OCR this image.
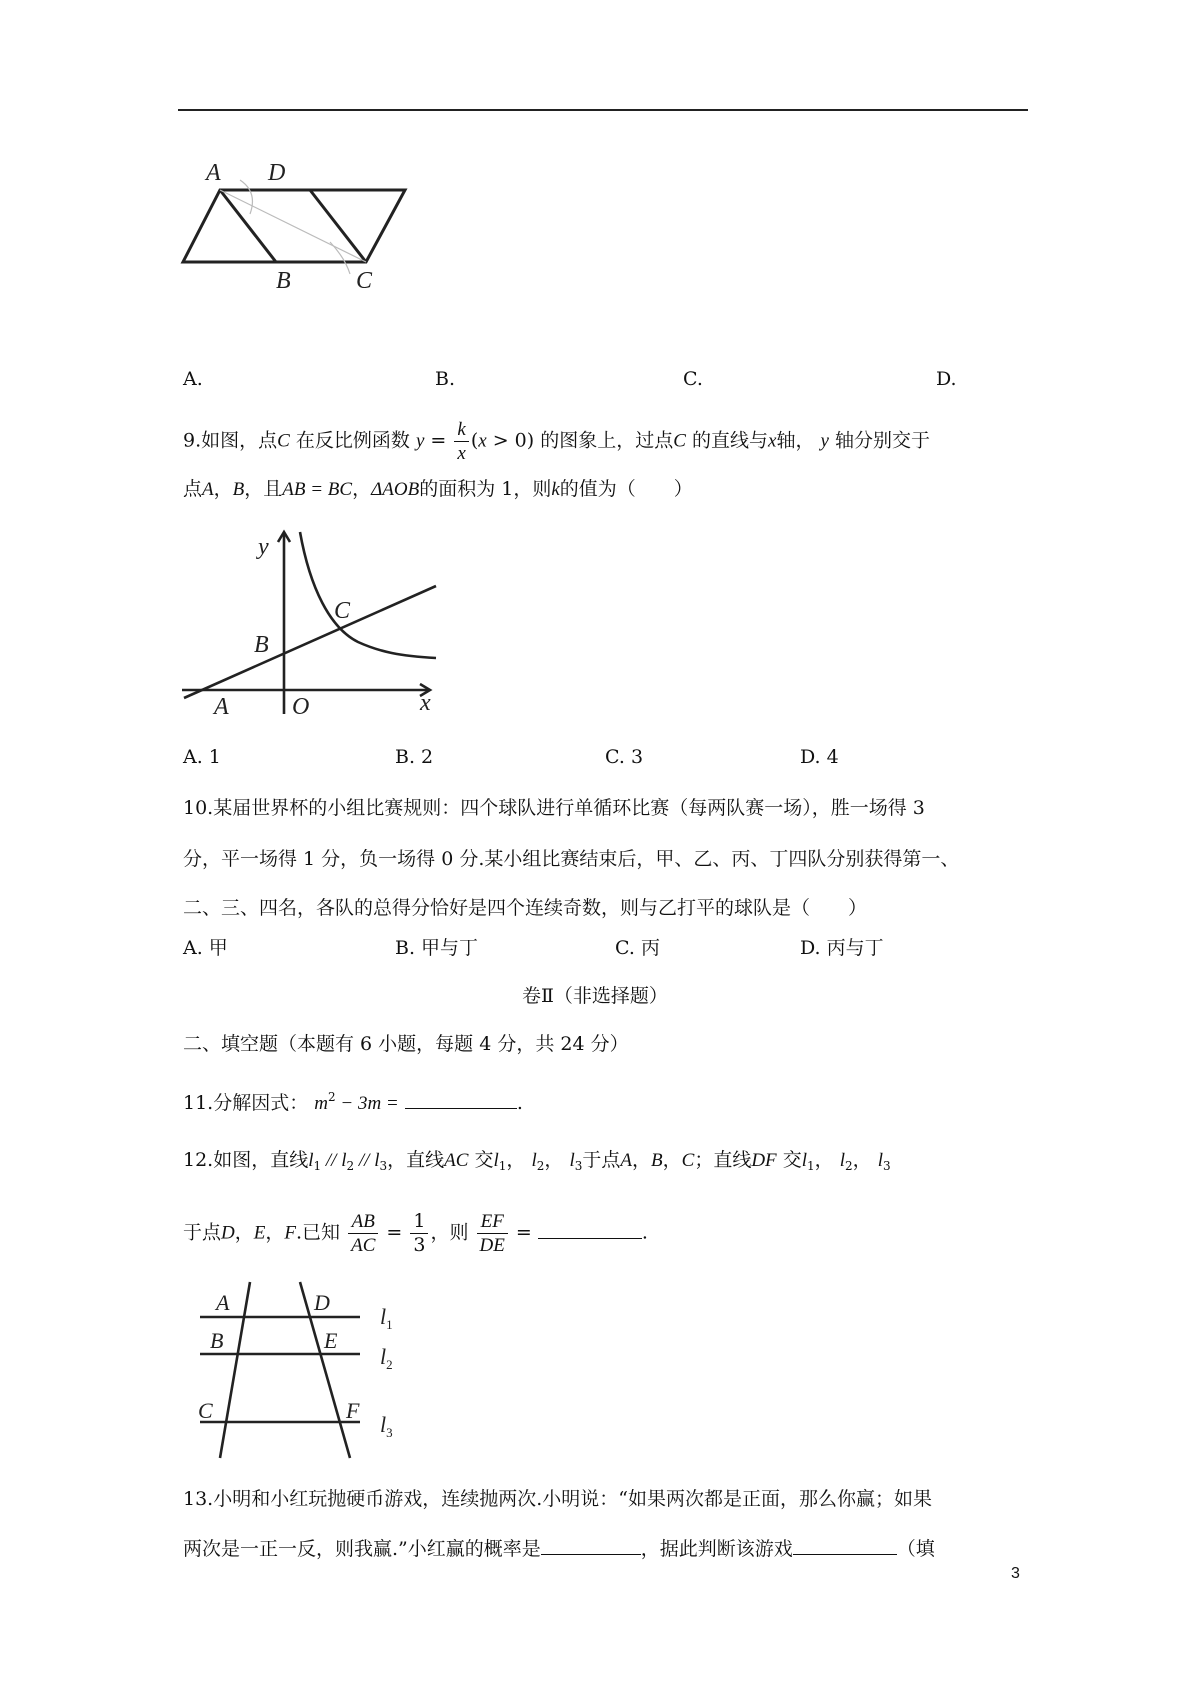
A D
B	C
A.	B.	C.	D.
9.如图，点C 在反比例函数 $y = \frac{k}{x} (x > 0)$ 的图象上，过点C 的直线与x轴， y 轴分别交于
点A，B，且AB = BC，ΔAOB的面积为 1，则k的值为（　　）
y
C
B
A	O	x
A. 1	B. 2	C. 3	D. 4
10.某届世界杯的小组比赛规则：四个球队进行单循环比赛（每两队赛一场），胜一场得 3
分，平一场得 1 分，负一场得 0 分.某小组比赛结束后，甲、乙、丙、丁四队分别获得第一、
二、三、四名，各队的总得分恰好是四个连续奇数，则与乙打平的球队是（　　）
A. 甲	B. 甲与丁	C. 丙	D. 丙与丁
卷Ⅱ（非选择题）
二、填空题（本题有 6 小题，每题 4 分，共 24 分）
11.分解因式： $m^2 - 3m$ =	.
12.如图，直线$l_1 // l_2 // l_3$，直线AC 交$l_1$， $l_2$， $l_3$于点A，B，C；直线DF 交$l_1$， $l_2$， $l_3$
于点D，E，F.已知 $\frac{AB}{AC} = \frac{1}{3}$ ，则 $\frac{EF}{DE}$ =	.
A	D
$l_1$
B	E
$l_2$
C	F
$l_3$
13.小明和小红玩抛硬币游戏，连续抛两次.小明说：“如果两次都是正面，那么你赢；如果
两次是一正一反，则我赢.”小红赢的概率是	，据此判断该游戏	（填
3
